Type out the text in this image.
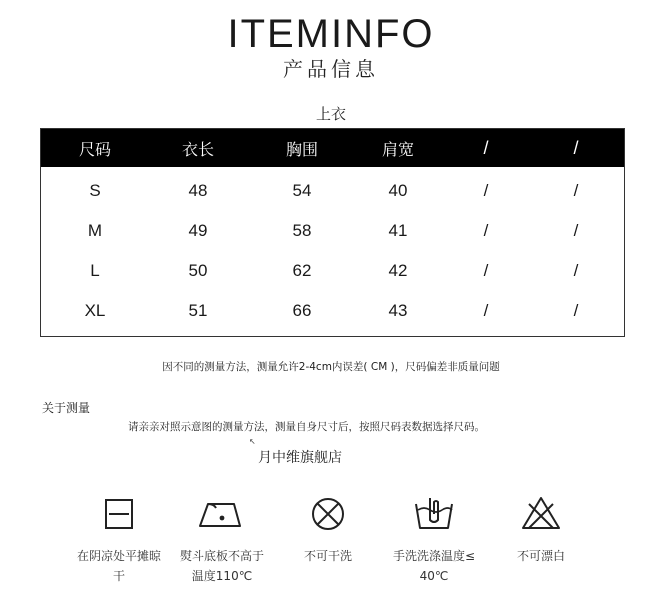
ITEMINFO
产品信息
上衣
尺码	衣长	胸围	肩宽	/	/
S	48	54	40	/	/
M	49	58	41	/	/
L	50	62	42	/	/
XL	51	66	43	/	/
因不同的测量方法，测量允许2-4cm内误差( CM )，尺码偏差非质量问题
关于测量
请亲亲对照示意图的测量方法，测量自身尺寸后，按照尺码表数据选择尺码。
↖
月中维旗舰店
在阴凉处平摊晾
干
熨斗底板不高于
温度110℃
不可干洗	手洗洗涤温度≤
40℃
不可漂白
